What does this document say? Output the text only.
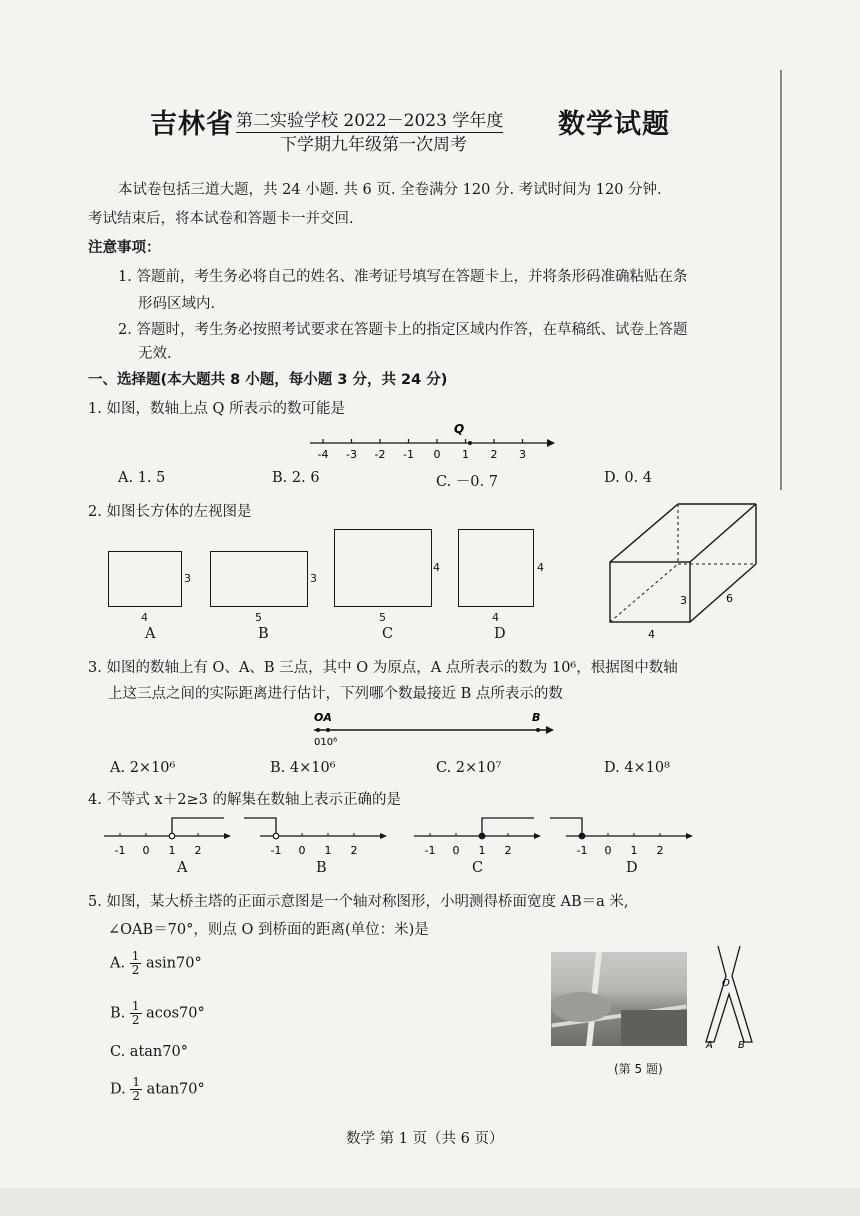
吉林省 第二实验学校 2022－2023 学年度 数学试题
下学期九年级第一次周考
本试卷包括三道大题，共 24 小题. 共 6 页. 全卷满分 120 分. 考试时间为 120 分钟.
考试结束后，将本试卷和答题卡一并交回.
注意事项：
1. 答题前，考生务必将自己的姓名、准考证号填写在答题卡上，并将条形码准确粘贴在条
形码区域内.
2. 答题时，考生务必按照考试要求在答题卡上的指定区域内作答，在草稿纸、试卷上答题
无效.
一、选择题(本大题共 8 小题，每小题 3 分，共 24 分)
1. 如图，数轴上点 Q 所表示的数可能是
-4 -3 -2 -1 0 1 2 3
Q
A. 1. 5	B. 2. 6	C. －0. 7	D. 0. 4
2. 如图长方体的左视图是
3
4
A
3
5
B
4
5
C
4
4
D
3	6
4
3. 如图的数轴上有 O、A、B 三点，其中 O 为原点，A 点所表示的数为 10⁶，根据图中数轴
上这三点之间的实际距离进行估计，下列哪个数最接近 B 点所表示的数
OA	B
010⁶
A. 2×10⁶	B. 4×10⁶	C. 2×10⁷	D. 4×10⁸
4. 不等式 x＋2≥3 的解集在数轴上表示正确的是
-1 0 1 2	-1 0 1 2	-1 0 1 2	-1 0 1 2
A	B	C	D
5. 如图，某大桥主塔的正面示意图是一个轴对称图形，小明测得桥面宽度 AB＝a 米,
∠OAB＝70°，则点 O 到桥面的距离(单位：米)是
A. $\frac{1}{2} asin70^\circ$
B. $\frac{1}{2} acos70^\circ$
C. atan70°
D. $\frac{1}{2} atan70^\circ$
O
A	B
(第 5 题)
数学 第 1 页（共 6 页）
